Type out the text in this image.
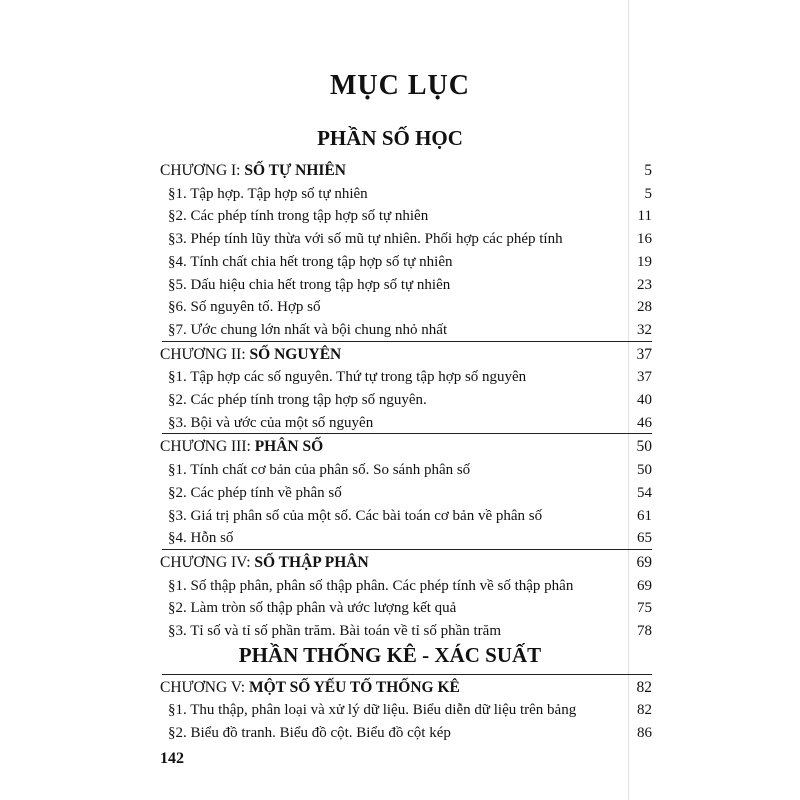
MỤC LỤC
PHẦN SỐ HỌC
CHƯƠNG I: SỐ TỰ NHIÊN	5
§1. Tập hợp. Tập hợp số tự nhiên	5
§2. Các phép tính trong tập hợp số tự nhiên	11
§3. Phép tính lũy thừa với số mũ tự nhiên. Phối hợp các phép tính	16
§4. Tính chất chia hết trong tập hợp số tự nhiên	19
§5. Dấu hiệu chia hết trong tập hợp số tự nhiên	23
§6. Số nguyên tố. Hợp số	28
§7. Ước chung lớn nhất và bội chung nhỏ nhất	32
CHƯƠNG II: SỐ NGUYÊN	37
§1. Tập hợp các số nguyên. Thứ tự trong tập hợp số nguyên	37
§2. Các phép tính trong tập hợp số nguyên.	40
§3. Bội và ước của một số nguyên	46
CHƯƠNG III: PHÂN SỐ	50
§1. Tính chất cơ bản của phân số. So sánh phân số	50
§2. Các phép tính về phân số	54
§3. Giá trị phân số của một số. Các bài toán cơ bản về phân số	61
§4. Hỗn số	65
CHƯƠNG IV: SỐ THẬP PHÂN	69
§1. Số thập phân, phân số thập phân. Các phép tính về số thập phân	69
§2. Làm tròn số thập phân và ước lượng kết quả	75
§3. Tỉ số và tỉ số phần trăm. Bài toán về tỉ số phần trăm	78
PHẦN THỐNG KÊ - XÁC SUẤT
CHƯƠNG V: MỘT SỐ YẾU TỐ THỐNG KÊ	82
§1. Thu thập, phân loại và xử lý dữ liệu. Biểu diễn dữ liệu trên bảng	82
§2. Biểu đồ tranh. Biểu đồ cột. Biểu đồ cột kép	86
142
